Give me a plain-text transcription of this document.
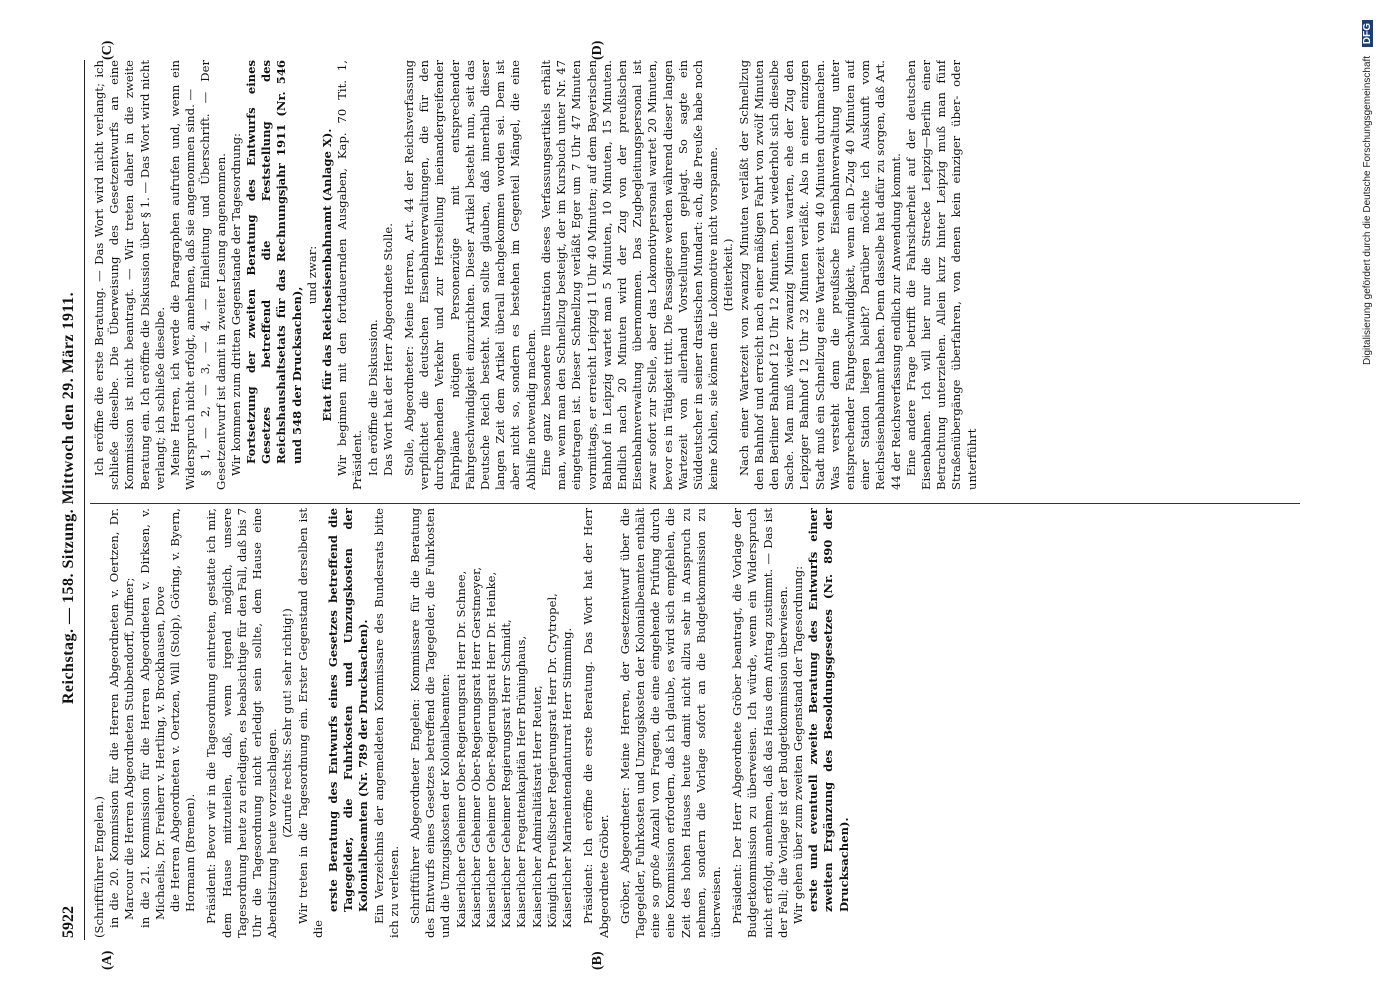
5922
Reichstag. — 158. Sitzung. Mittwoch den 29. März 1911.
(A)	(B)
(C)	(D)

(Schriftführer Engelen.) in die 20. Kommission für die Herren Abgeordneten v. Oertzen, Dr. Marcour die Herren Abgeordneten Stubbendorff, Duffner; in die 21. Kommission für die Herren Abgeordneten v. Dirksen, v. Michaelis, Dr. Freiherr v. Hertling, v. Brockhausen, Dove die Herren Abgeordneten v. Oertzen, Will (Stolp), Göring, v. Byern, Hormann (Bremen). Präsident: Bevor wir in die Tagesordnung eintreten, gestatte ich mir, dem Hause mitzuteilen, daß, wenn irgend möglich, unsere Tagesordnung heute zu erledigen, es beabsichtige für den Fall, daß bis 7 Uhr die Tagesordnung nicht erledigt sein sollte, dem Hause eine Abendsitzung heute vorzuschlagen. (Zurufe rechts: Sehr gut! sehr richtig!) Wir treten in die Tagesordnung ein. Erster Gegenstand derselben ist die

erste Beratung des Entwurfs eines Gesetzes betreffend die Tagegelder, die Fuhrkosten und Umzugskosten der Kolonialbeamten (Nr. 789 der Drucksachen). Ein Verzeichnis der angemeldeten Kommissare des Bundesrats bitte ich zu verlesen. Schriftführer Abgeordneter Engelen: Kommissare für die Beratung des Entwurfs eines Gesetzes betreffend die Tagegelder, die Fuhrkosten und die Umzugskosten der Kolonialbeamten: Kaiserlicher Geheimer Ober-Regierungsrat Herr Dr. Schnee, Kaiserlicher Geheimer Ober-Regierungsrat Herr Gerstmeyer, Kaiserlicher Geheimer Ober-Regierungsrat Herr Dr. Heinke, Kaiserlicher Geheimer Regierungsrat Herr Schmidt, Kaiserlicher Fregattenkapitän Herr Brüninghaus, Kaiserlicher Admiralitätsrat Herr Reuter, Königlich Preußischer Regierungsrat Herr Dr. Crytropel, Kaiserlicher Marineintendanturrat Herr Stimming. Präsident: Ich eröffne die erste Beratung. Das Wort hat der Herr Abgeordnete Gröber. Gröber, Abgeordneter: Meine Herren, der Gesetzentwurf über die Tagegelder, Fuhrkosten und Umzugskosten der Kolonialbeamten enthält eine so große Anzahl von Fragen, die eine eingehende Prüfung durch eine Kommission erfordern, daß ich glaube, es wird sich empfehlen, die Zeit des hohen Hauses heute damit nicht allzu sehr in Anspruch zu nehmen, sondern die Vorlage sofort an die Budgetkommission zu überweisen. Präsident: Der Herr Abgeordnete Gröber beantragt, die Vorlage der Budgetkommission zu überweisen. Ich würde, wenn ein Widerspruch nicht erfolgt, annehmen, daß das Haus dem Antrag zustimmt. — Das ist der Fall; die Vorlage ist der Budgetkommission überwiesen. Wir gehen über zum zweiten Gegenstand der Tagesordnung: erste und eventuell zweite Beratung des Entwurfs einer zweiten Ergänzung des Besoldungsgesetzes (Nr. 890 der Drucksachen).

Ich eröffne die erste Beratung. — Das Wort wird nicht verlangt; ich schließe dieselbe. Die Überweisung des Gesetzentwurfs an eine Kommission ist nicht beantragt. — Wir treten daher in die zweite Beratung ein. Ich eröffne die Diskussion über § 1. — Das Wort wird nicht verlangt; ich schließe dieselbe. Meine Herren, ich werde die Paragraphen aufrufen und, wenn ein Widerspruch nicht erfolgt, annehmen, daß sie angenommen sind. — § 1, — 2, — 3, — 4, — Einleitung und Überschrift. — Der Gesetzentwurf ist damit in zweiter Lesung angenommen. Wir kommen zum dritten Gegenstande der Tagesordnung: Fortsetzung der zweiten Beratung des Entwurfs eines Gesetzes betreffend die Feststellung des Reichshaushaltsetats für das Rechnungsjahr 1911 (Nr. 546 und 548 der Drucksachen),

und zwar: Etat für das Reichseisenbahnamt (Anlage X). Wir beginnen mit den fortdauernden Ausgaben, Kap. 70 Tit. 1, Präsident. Ich eröffne die Diskussion. Das Wort hat der Herr Abgeordnete Stolle. Stolle, Abgeordneter: Meine Herren, Art. 44 der Reichsverfassung verpflichtet die deutschen Eisenbahnverwaltungen, die für den durchgehenden Verkehr und zur Herstellung ineinandergreifender Fahrpläne nötigen Personenzüge mit entsprechender Fahrgeschwindigkeit einzurichten. Dieser Artikel besteht nun, seit das Deutsche Reich besteht. Man sollte glauben, daß innerhalb dieser langen Zeit dem Artikel überall nachgekommen worden sei. Dem ist aber nicht so, sondern es bestehen im Gegenteil Mängel, die eine Abhilfe notwendig machen. Eine ganz besondere Illustration dieses Verfassungsartikels erhält man, wenn man den Schnellzug besteigt, der im Kursbuch unter Nr. 47 eingetragen ist. Dieser Schnellzug verläßt Eger um 7 Uhr 47 Minuten vormittags, er erreicht Leipzig 11 Uhr 40 Minuten; auf dem Bayerischen Bahnhof in Leipzig wartet man 5 Minuten, 10 Minuten, 15 Minuten. Endlich nach 20 Minuten wird der Zug von der preußischen Eisenbahnverwaltung übernommen. Das Zugbegleitungspersonal ist zwar sofort zur Stelle, aber das Lokomotivpersonal wartet 20 Minuten, bevor es in Tätigkeit tritt. Die Passagiere werden während dieser langen Wartezeit von allerhand Vorstellungen geplagt. So sagte ein Süddeutscher in seiner drastischen Mundart: ach, die Preuße habe noch keine Kohlen, sie können die Lokomotive nicht vorspanne. (Heiterkeit.) Nach einer Wartezeit von zwanzig Minuten verläßt der Schnellzug den Bahnhof und erreicht nach einer mäßigen Fahrt von zwölf Minuten den Berliner Bahnhof 12 Uhr 12 Minuten. Dort wiederholt sich dieselbe Sache. Man muß wieder zwanzig Minuten warten, ehe der Zug den Leipziger Bahnhof 12 Uhr 32 Minuten verläßt. Also in einer einzigen Stadt muß ein Schnellzug eine Wartezeit von 40 Minuten durchmachen. Was versteht denn die preußische Eisenbahnverwaltung unter entsprechender Fahrgeschwindigkeit, wenn ein D-Zug 40 Minuten auf einer Station liegen bleibt? Darüber möchte ich Auskunft vom Reichseisenbahnamt haben. Denn dasselbe hat dafür zu sorgen, daß Art. 44 der Reichsverfassung endlich zur Anwendung kommt. Eine andere Frage betrifft die Fahrsicherheit auf der deutschen Eisenbahnen. Ich will hier nur die Strecke Leipzig—Berlin einer Betrachtung unterziehen. Allein kurz hinter Leipzig muß man fünf Straßenübergänge überfahren, von denen kein einziger über- oder unterführt

Digitalisierung gefördert durch die Deutsche Forschungsgemeinschaft DFG
